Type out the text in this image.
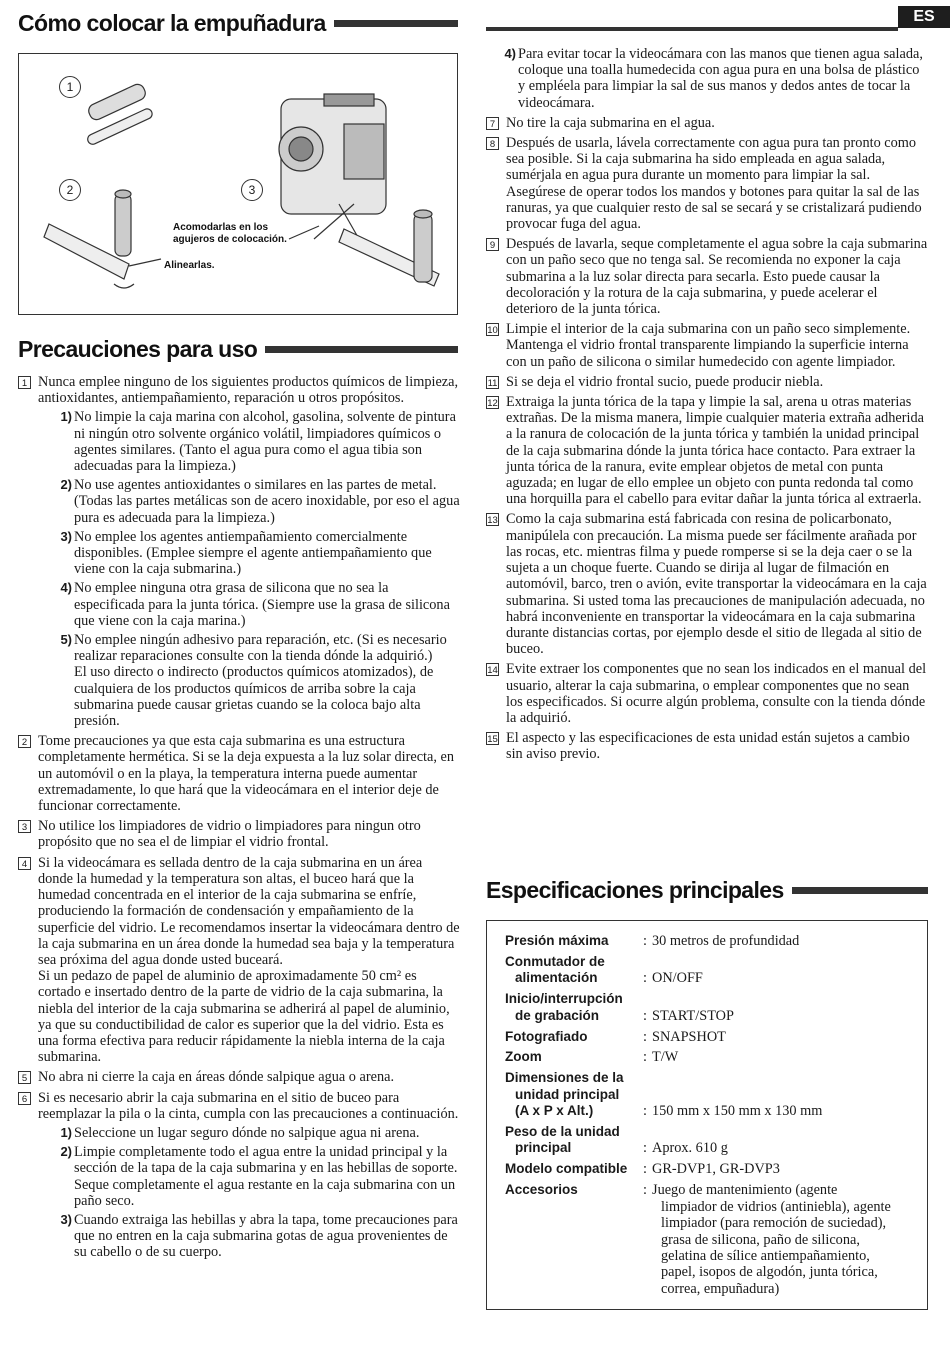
ES
Cómo colocar la empuñadura
1
2	3
Acomodarlas en los
agujeros de colocación.
Alinearlas.
Precauciones para uso
1 Nunca emplee ninguno de los siguientes productos químicos de limpieza, antioxidantes, antiempañamiento, reparación u otros propósitos.
1) No limpie la caja marina con alcohol, gasolina, solvente de pintura ni ningún otro solvente orgánico volátil, limpiadores químicos o agentes similares. (Tanto el agua pura como el agua tibia son adecuadas para la limpieza.)
2) No use agentes antioxidantes o similares en las partes de metal. (Todas las partes metálicas son de acero inoxidable, por eso el agua pura es adecuada para la limpieza.)
3) No emplee los agentes antiempañamiento comercialmente disponibles. (Emplee siempre el agente antiempañamiento que viene con la caja submarina.)
4) No emplee ninguna otra grasa de silicona que no sea la especificada para la junta tórica. (Siempre use la grasa de silicona que viene con la caja marina.)
5) No emplee ningún adhesivo para reparación, etc. (Si es necesario realizar reparaciones consulte con la tienda dónde la adquirió.)
El uso directo o indirecto (productos químicos atomizados), de cualquiera de los productos químicos de arriba sobre la caja submarina puede causar grietas cuando se la coloca bajo alta presión.
2 Tome precauciones ya que esta caja submarina es una estructura completamente hermética. Si se la deja expuesta a la luz solar directa, en un automóvil o en la playa, la temperatura interna puede aumentar extremadamente, lo que hará que la videocámara en el interior deje de funcionar correctamente.
3 No utilice los limpiadores de vidrio o limpiadores para ningun otro propósito que no sea el de limpiar el vidrio frontal.
4 Si la videocámara es sellada dentro de la caja submarina en un área donde la humedad y la temperatura son altas, el buceo hará que la humedad concentrada en el interior de la caja submarina se enfríe, produciendo la formación de condensación y empañamiento de la superficie del vidrio. Le recomendamos insertar la videocámara dentro de la caja submarina en un área donde la humedad sea baja y la temperatura sea próxima del agua donde usted buceará.
Si un pedazo de papel de aluminio de aproximadamente 50 cm² es cortado e insertado dentro de la parte de vidrio de la caja submarina, la niebla del interior de la caja submarina se adherirá al papel de aluminio, ya que su conductibilidad de calor es superior que la del vidrio. Esta es una forma efectiva para reducir rápidamente la niebla interna de la caja submarina.
5 No abra ni cierre la caja en áreas dónde salpique agua o arena.
6 Si es necesario abrir la caja submarina en el sitio de buceo para reemplazar la pila o la cinta, cumpla con las precauciones a continuación.
1) Seleccione un lugar seguro dónde no salpique agua ni arena.
2) Limpie completamente todo el agua entre la unidad principal y la sección de la tapa de la caja submarina y en las hebillas de soporte. Seque completamente el agua restante en la caja submarina con un paño seco.
3) Cuando extraiga las hebillas y abra la tapa, tome precauciones para que no entren en la caja submarina gotas de agua provenientes de su cabello o de su cuerpo.
4) Para evitar tocar la videocámara con las manos que tienen agua salada, coloque una toalla humedecida con agua pura en una bolsa de plástico y empléela para limpiar la sal de sus manos y dedos antes de tocar la videocámara.
7 No tire la caja submarina en el agua.
8 Después de usarla, lávela correctamente con agua pura tan pronto como sea posible. Si la caja submarina ha sido empleada en agua salada, sumérjala en agua pura durante un momento para limpiar la sal.
Asegúrese de operar todos los mandos y botones para quitar la sal de las ranuras, ya que cualquier resto de sal se secará y se cristalizará pudiendo provocar fuga del agua.
9 Después de lavarla, seque completamente el agua sobre la caja submarina con un paño seco que no tenga sal. Se recomienda no exponer la caja submarina a la luz solar directa para secarla. Esto puede causar la decoloración y la rotura de la caja submarina, y puede acelerar el deterioro de la junta tórica.
10 Limpie el interior de la caja submarina con un paño seco simplemente. Mantenga el vidrio frontal transparente limpiando la superficie interna con un paño de silicona o similar humedecido con agente limpiador.
11 Si se deja el vidrio frontal sucio, puede producir niebla.
12 Extraiga la junta tórica de la tapa y limpie la sal, arena u otras materias extrañas. De la misma manera, limpie cualquier materia extraña adherida a la ranura de colocación de la junta tórica y también la unidad principal de la caja submarina dónde la junta tórica hace contacto. Para extraer la junta tórica de la ranura, evite emplear objetos de metal con punta aguzada; en lugar de ello emplee un objeto con punta redonda tal como una horquilla para el cabello para evitar dañar la junta tórica al extraerla.
13 Como la caja submarina está fabricada con resina de policarbonato, manipúlela con precaución. La misma puede ser fácilmente arañada por las rocas, etc. mientras filma y puede romperse si se la deja caer o se la sujeta a un choque fuerte. Cuando se dirija al lugar de filmación en automóvil, barco, tren o avión, evite transportar la videocámara en la caja submarina. Si usted toma las precauciones de manipulación adecuada, no habrá inconveniente en transportar la videocámara en la caja submarina durante distancias cortas, por ejemplo desde el sitio de llegada al sitio de buceo.
14 Evite extraer los componentes que no sean los indicados en el manual del usuario, alterar la caja submarina, o emplear componentes que no sean los especificados. Si ocurre algún problema, consulte con la tienda dónde la adquirió.
15 El aspecto y las especificaciones de esta unidad están sujetos a cambio sin aviso previo.
Especificaciones principales
Presión máxima	: 30 metros de profundidad
Conmutador de
alimentación	: ON/OFF
Inicio/interrupción
de grabación	: START/STOP
Fotografiado	: SNAPSHOT
Zoom	: T/W
Dimensiones de la
unidad principal
(A x P x Alt.)	: 150 mm x 150 mm x 130 mm
Peso de la unidad
principal	: Aprox. 610 g
Modelo compatible	: GR-DVP1, GR-DVP3
Accesorios	: Juego de mantenimiento (agente
limpiador de vidrios (antiniebla), agente
limpiador (para remoción de suciedad),
grasa de silicona, paño de silicona,
gelatina de sílice antiempañamiento,
papel, isopos de algodón, junta tórica,
correa, empuñadura)
